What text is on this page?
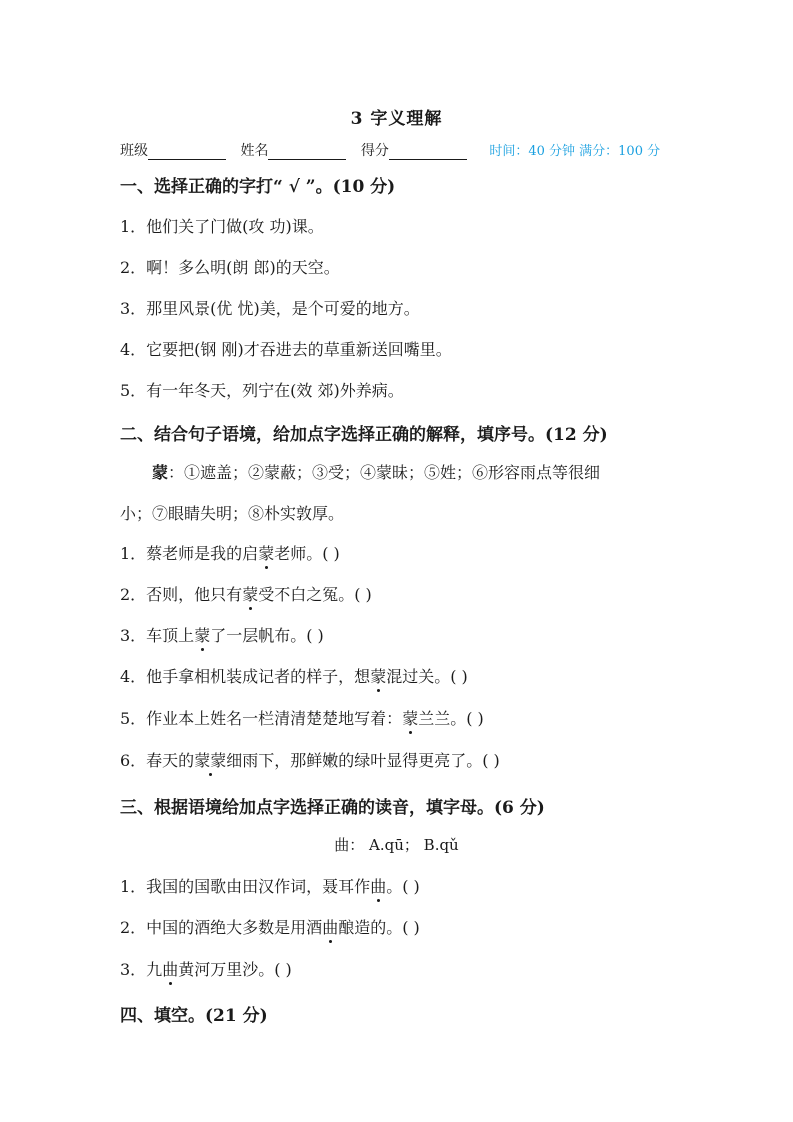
3 字义理解
班级	姓名	得分	时间：40 分钟 满分：100 分
一、选择正确的字打“ √ ”。(10 分)
1．他们关了门做(攻 功)课。
2．啊！多么明(朗 郎)的天空。
3．那里风景(优 忧)美，是个可爱的地方。
4．它要把(钢 刚)才吞进去的草重新送回嘴里。
5．有一年冬天，列宁在(效 郊)外养病。
二、结合句子语境，给加点字选择正确的解释，填序号。(12 分)
蒙：①遮盖；②蒙蔽；③受；④蒙昧；⑤姓；⑥形容雨点等很细
小；⑦眼睛失明；⑧朴实敦厚。
1．蔡老师是我的启蒙老师。( )
2．否则，他只有蒙受不白之冤。( )
3．车顶上蒙了一层帆布。( )
4．他手拿相机装成记者的样子，想蒙混过关。( )
5．作业本上姓名一栏清清楚楚地写着：蒙兰兰。( )
6．春天的蒙蒙细雨下，那鲜嫩的绿叶显得更亮了。( )
三、根据语境给加点字选择正确的读音，填字母。(6 分)
曲： A.qū； B.qǔ
1．我国的国歌由田汉作词，聂耳作曲。( )
2．中国的酒绝大多数是用酒曲酿造的。( )
3．九曲黄河万里沙。( )
四、填空。(21 分)
